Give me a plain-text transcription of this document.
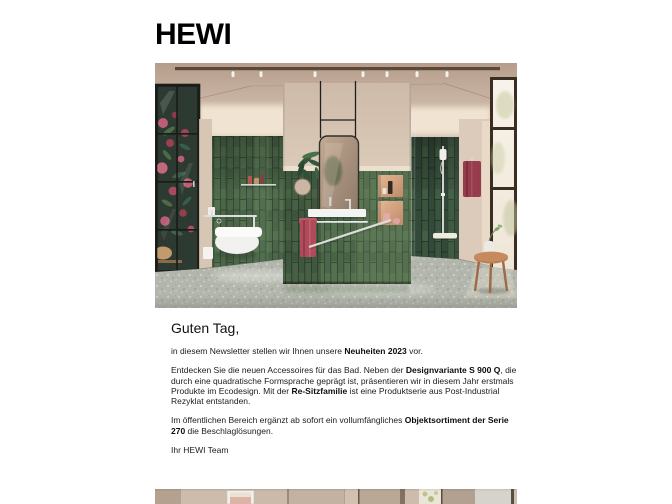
HEWI
Guten Tag,

in diesem Newsletter stellen wir Ihnen unsere Neuheiten 2023 vor.

Entdecken Sie die neuen Accessoires für das Bad. Neben der Designvariante S 900 Q, die durch eine quadratische Formsprache geprägt ist, präsentieren wir in diesem Jahr erstmals Produkte im Ecodesign. Mit der Re-Sitzfamilie ist eine Produktserie aus Post-Industrial Rezyklat entstanden.

Im öffentlichen Bereich ergänzt ab sofort ein vollumfängliches Objektsortiment der Serie 270 die Beschlaglösungen.

Ihr HEWI Team
